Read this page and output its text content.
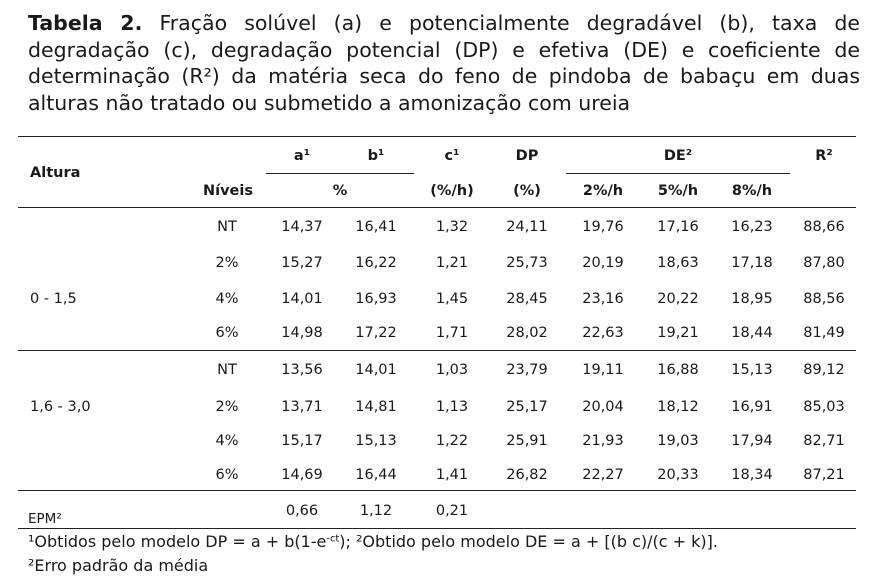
Tabela 2. Fração solúvel (a) e potencialmente degradável (b), taxa de degradação (c), degradação potencial (DP) e efetiva (DE) e coeficiente de determinação (R²) da matéria seca do feno de pindoba de babaçu em duas alturas não tratado ou submetido a amonização com ureia
Altura
a¹	b¹	c¹	DP	DE²	R²
Níveis	%	(%/h)	(%)	2%/h 5%/h 8%/h
0 - 1,5
NT	14,37 16,41	1,32	24,11 19,76 17,16 16,23 88,66
2%	15,27 16,22	1,21	25,73 20,19 18,63 17,18 87,80
4%	14,01 16,93	1,45	28,45 23,16 20,22 18,95 88,56
6%	14,98 17,22	1,71	28,02 22,63 19,21 18,44 81,49
1,6 - 3,0
NT	13,56 14,01	1,03	23,79 19,11 16,88 15,13 89,12
2%	13,71 14,81	1,13	25,17 20,04 18,12 16,91 85,03
4%	15,17 15,13	1,22	25,91 21,93 19,03 17,94 82,71
6%	14,69 16,44	1,41	26,82 22,27 20,33 18,34 87,21
EPM²	0,66	1,12	0,21
¹Obtidos pelo modelo DP = $a + b(1-e^{-ct})$; ²Obtido pelo modelo DE = a + [(b c)/(c + k)].
²Erro padrão da média
